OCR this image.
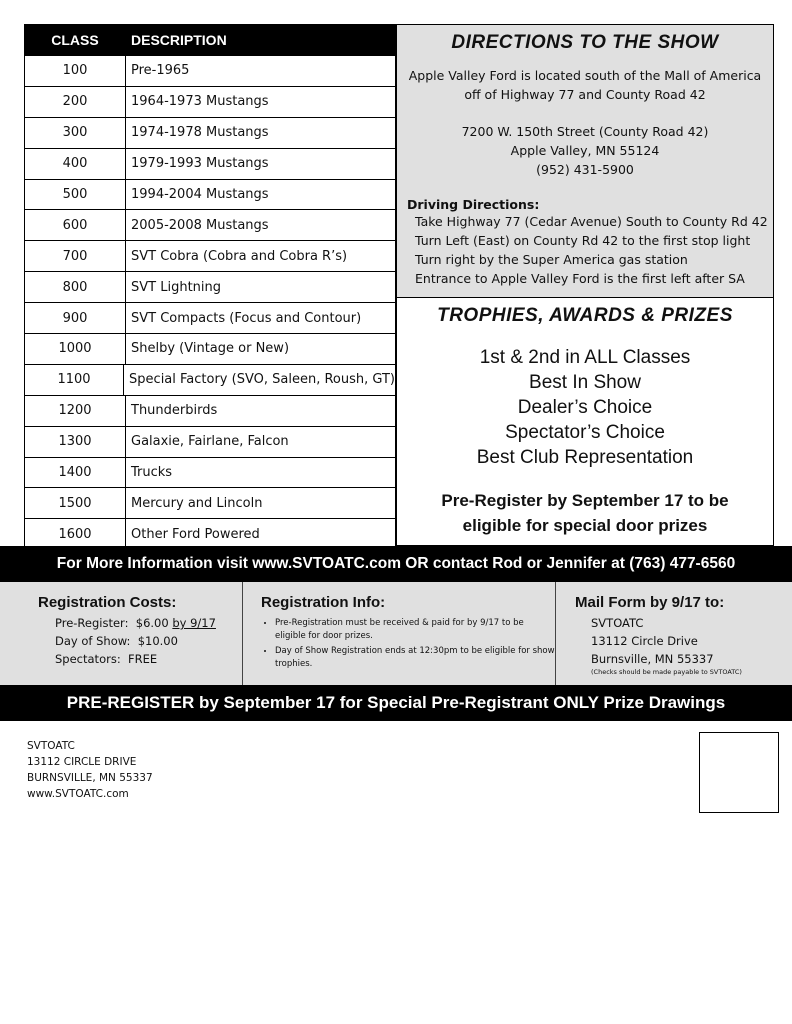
CLASS	DESCRIPTION
100	Pre-1965
200	1964-1973 Mustangs
300	1974-1978 Mustangs
400	1979-1993 Mustangs
500	1994-2004 Mustangs
600	2005-2008 Mustangs
700	SVT Cobra (Cobra and Cobra R’s)
800	SVT Lightning
900	SVT Compacts (Focus and Contour)
1000	Shelby (Vintage or New)
1100	Special Factory (SVO, Saleen, Roush, GT)
1200	Thunderbirds
1300	Galaxie, Fairlane, Falcon
1400	Trucks
1500	Mercury and Lincoln
1600	Other Ford Powered
DIRECTIONS TO THE SHOW
Apple Valley Ford is located south of the Mall of America
off of Highway 77 and County Road 42
7200 W. 150th Street (County Road 42)
Apple Valley, MN 55124
(952) 431-5900
Driving Directions:
Take Highway 77 (Cedar Avenue) South to County Rd 42
Turn Left (East) on County Rd 42 to the first stop light
Turn right by the Super America gas station
Entrance to Apple Valley Ford is the first left after SA
TROPHIES, AWARDS & PRIZES
1st & 2nd in ALL Classes
Best In Show
Dealer’s Choice
Spectator’s Choice
Best Club Representation
Pre-Register by September 17 to be
eligible for special door prizes
For More Information visit www.SVTOATC.com OR contact Rod or Jennifer at (763) 477-6560
Registration Costs:
Pre-Register: $6.00 by 9/17
Day of Show: $10.00
Spectators: FREE
Registration Info:
• Pre-Registration must be received & paid for by 9/17 to be eligible for door prizes.
• Day of Show Registration ends at 12:30pm to be eligible for show trophies.
Mail Form by 9/17 to:
SVTOATC
13112 Circle Drive
Burnsville, MN 55337
(Checks should be made payable to SVTOATC)
PRE-REGISTER by September 17 for Special Pre-Registrant ONLY Prize Drawings
SVTOATC
13112 CIRCLE DRIVE
BURNSVILLE, MN 55337
www.SVTOATC.com
